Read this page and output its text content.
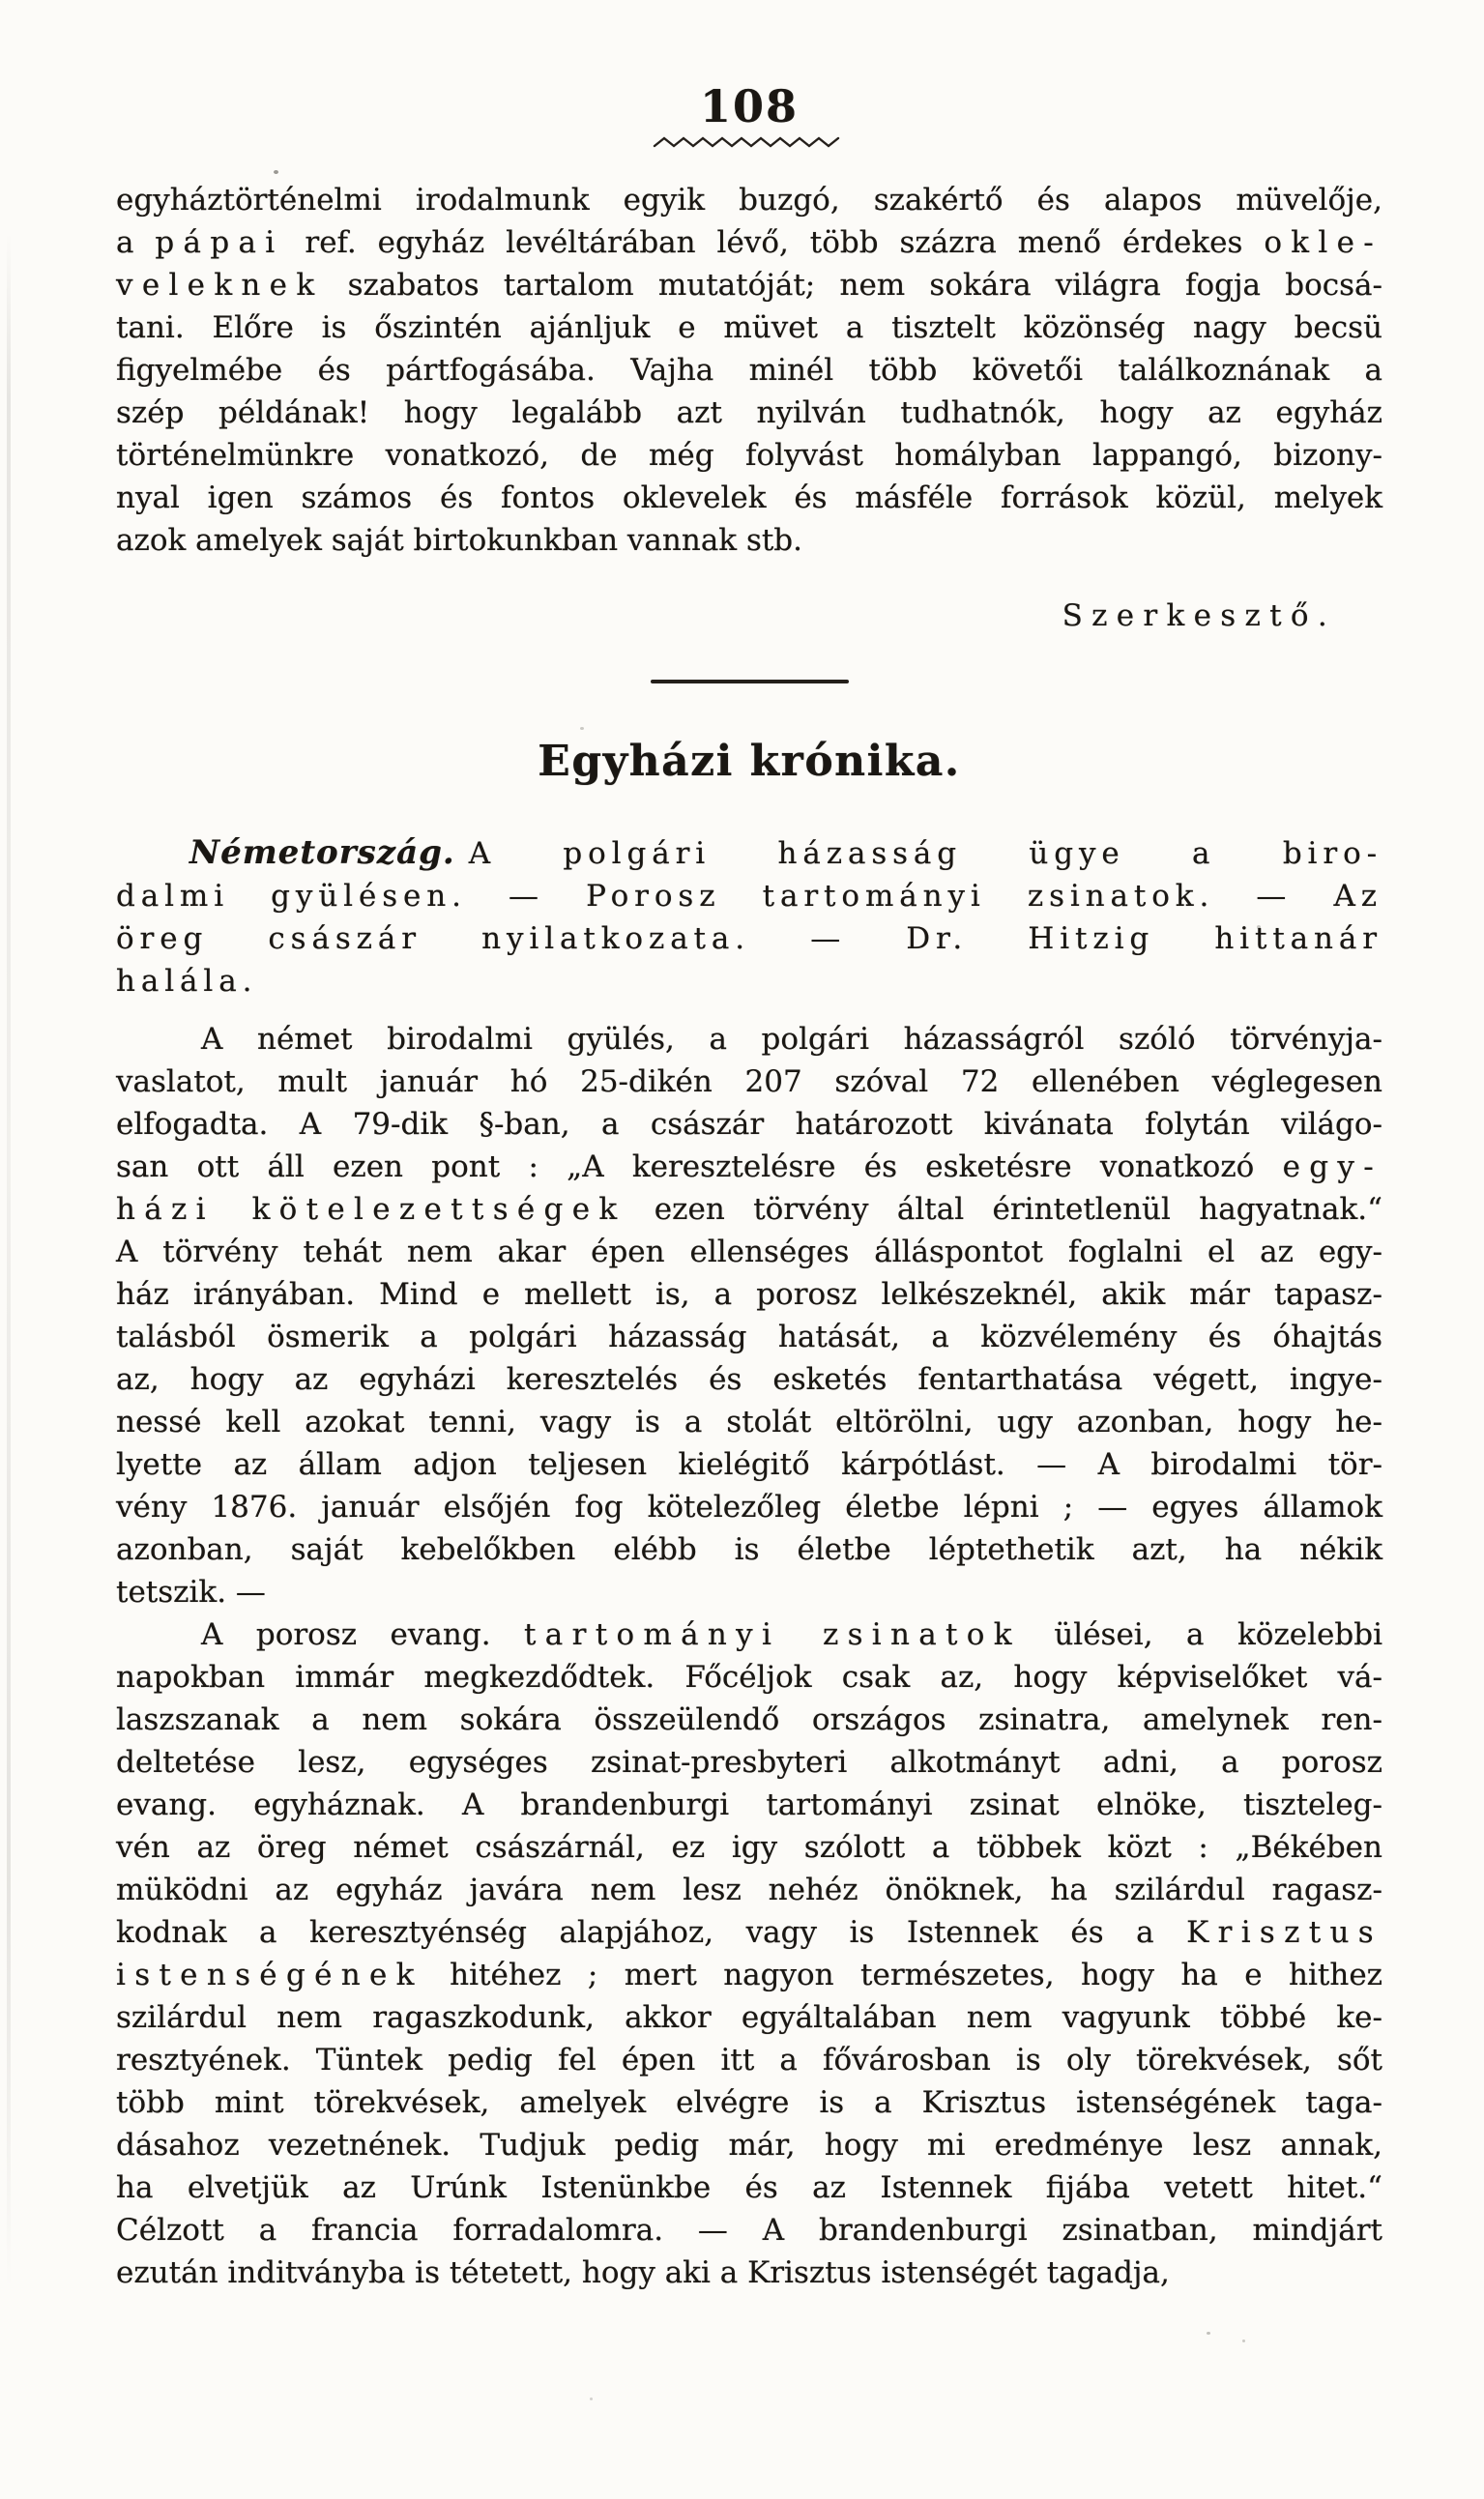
108
egyháztörténelmi irodalmunk egyik buzgó, szakértő és alapos müvelője,
a pápai ref. egyház levéltárában lévő, több százra menő érdekes okle-
veleknek szabatos tartalom mutatóját; nem sokára világra fogja bocsá-
tani. Előre is őszintén ajánljuk e müvet a tisztelt közönség nagy becsü
figyelmébe és pártfogásába. Vajha minél több követői találkoznának a
szép példának! hogy legalább azt nyilván tudhatnók, hogy az egyház
történelmünkre vonatkozó, de még folyvást homályban lappangó, bizony-
nyal igen számos és fontos oklevelek és másféle források közül, melyek
azok amelyek saját birtokunkban vannak stb.
Szerkesztő.
Egyházi krónika.
Németország. A polgári házasság ügye a biro-
dalmi gyülésen. — Porosz tartományi zsinatok. — Az
öreg császár nyilatkozata. — Dr. Hitzig hittanár
halála.
A német birodalmi gyülés, a polgári házasságról szóló törvényja-
vaslatot, mult január hó 25-dikén 207 szóval 72 ellenében véglegesen
elfogadta. A 79-dik §-ban, a császár határozott kivánata folytán világo-
san ott áll ezen pont : „A keresztelésre és esketésre vonatkozó egy-
házi kötelezettségek ezen törvény által érintetlenül hagyatnak.“
A törvény tehát nem akar épen ellenséges álláspontot foglalni el az egy-
ház irányában. Mind e mellett is, a porosz lelkészeknél, akik már tapasz-
talásból ösmerik a polgári házasság hatását, a közvélemény és óhajtás
az, hogy az egyházi keresztelés és esketés fentarthatása végett, ingye-
nessé kell azokat tenni, vagy is a stolát eltörölni, ugy azonban, hogy he-
lyette az állam adjon teljesen kielégitő kárpótlást. — A birodalmi tör-
vény 1876. január elsőjén fog kötelezőleg életbe lépni ; — egyes államok
azonban, saját kebelőkben elébb is életbe léptethetik azt, ha nékik
tetszik. —
A porosz evang. tartományi zsinatok ülései, a közelebbi
napokban immár megkezdődtek. Főcéljok csak az, hogy képviselőket vá-
laszszanak a nem sokára összeülendő országos zsinatra, amelynek ren-
deltetése lesz, egységes zsinat-presbyteri alkotmányt adni, a porosz
evang. egyháznak. A brandenburgi tartományi zsinat elnöke, tiszteleg-
vén az öreg német császárnál, ez igy szólott a többek közt : „Békében
müködni az egyház javára nem lesz nehéz önöknek, ha szilárdul ragasz-
kodnak a keresztyénség alapjához, vagy is Istennek és a Krisztus
istenségének hitéhez ; mert nagyon természetes, hogy ha e hithez
szilárdul nem ragaszkodunk, akkor egyáltalában nem vagyunk többé ke-
resztyének. Tüntek pedig fel épen itt a fővárosban is oly törekvések, sőt
több mint törekvések, amelyek elvégre is a Krisztus istenségének taga-
dásahoz vezetnének. Tudjuk pedig már, hogy mi eredménye lesz annak,
ha elvetjük az Urúnk Istenünkbe és az Istennek fijába vetett hitet.“
Célzott a francia forradalomra. — A brandenburgi zsinatban, mindjárt
ezután inditványba is tétetett, hogy aki a Krisztus istenségét tagadja,
